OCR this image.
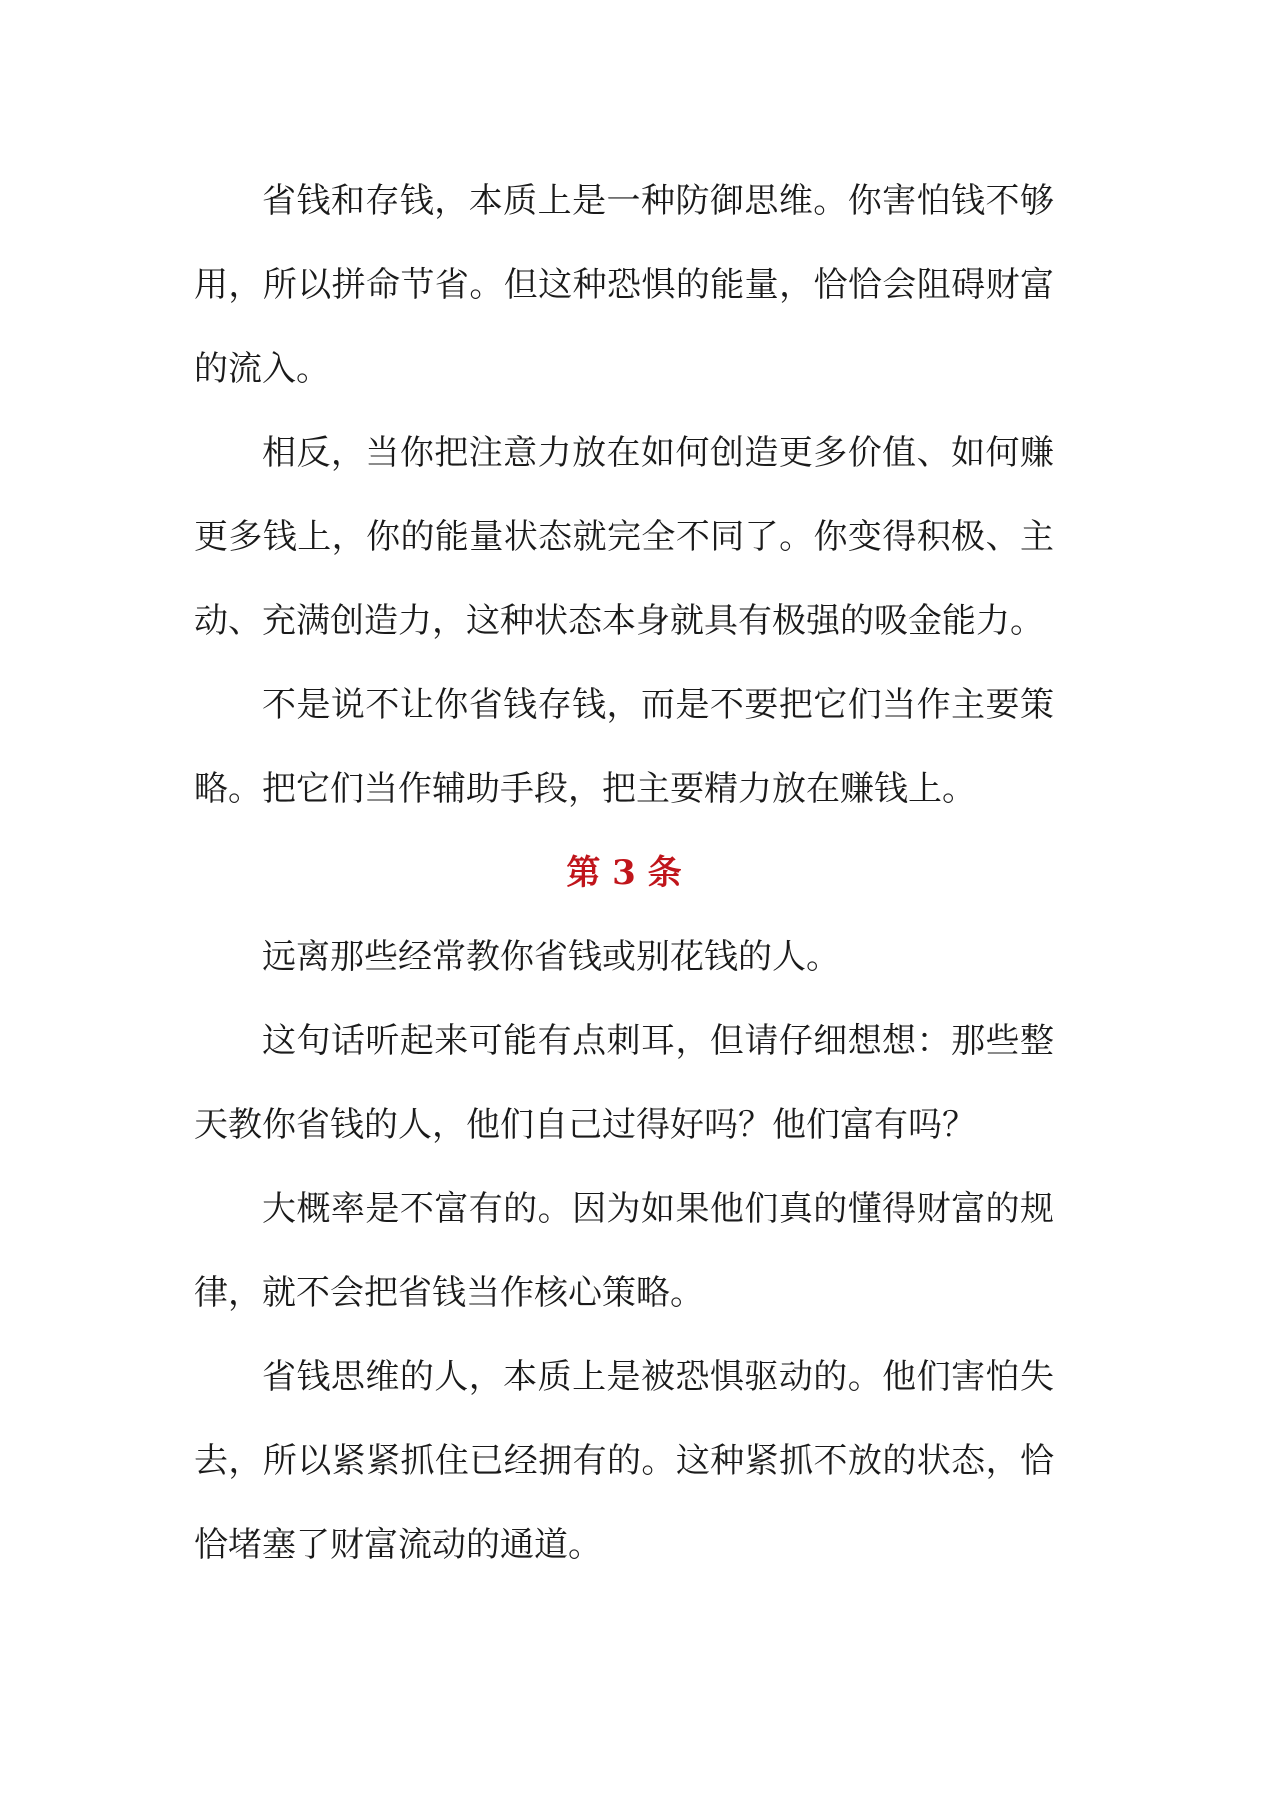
省钱和存钱，本质上是一种防御思维。你害怕钱不够用，所以拼命节省。但这种恐惧的能量，恰恰会阻碍财富的流入。

相反，当你把注意力放在如何创造更多价值、如何赚更多钱上，你的能量状态就完全不同了。你变得积极、主动、充满创造力，这种状态本身就具有极强的吸金能力。

不是说不让你省钱存钱，而是不要把它们当作主要策略。把它们当作辅助手段，把主要精力放在赚钱上。

第 3 条

远离那些经常教你省钱或别花钱的人。

这句话听起来可能有点刺耳，但请仔细想想：那些整天教你省钱的人，他们自己过得好吗？他们富有吗？

大概率是不富有的。因为如果他们真的懂得财富的规律，就不会把省钱当作核心策略。

省钱思维的人，本质上是被恐惧驱动的。他们害怕失去，所以紧紧抓住已经拥有的。这种紧抓不放的状态，恰恰堵塞了财富流动的通道。
